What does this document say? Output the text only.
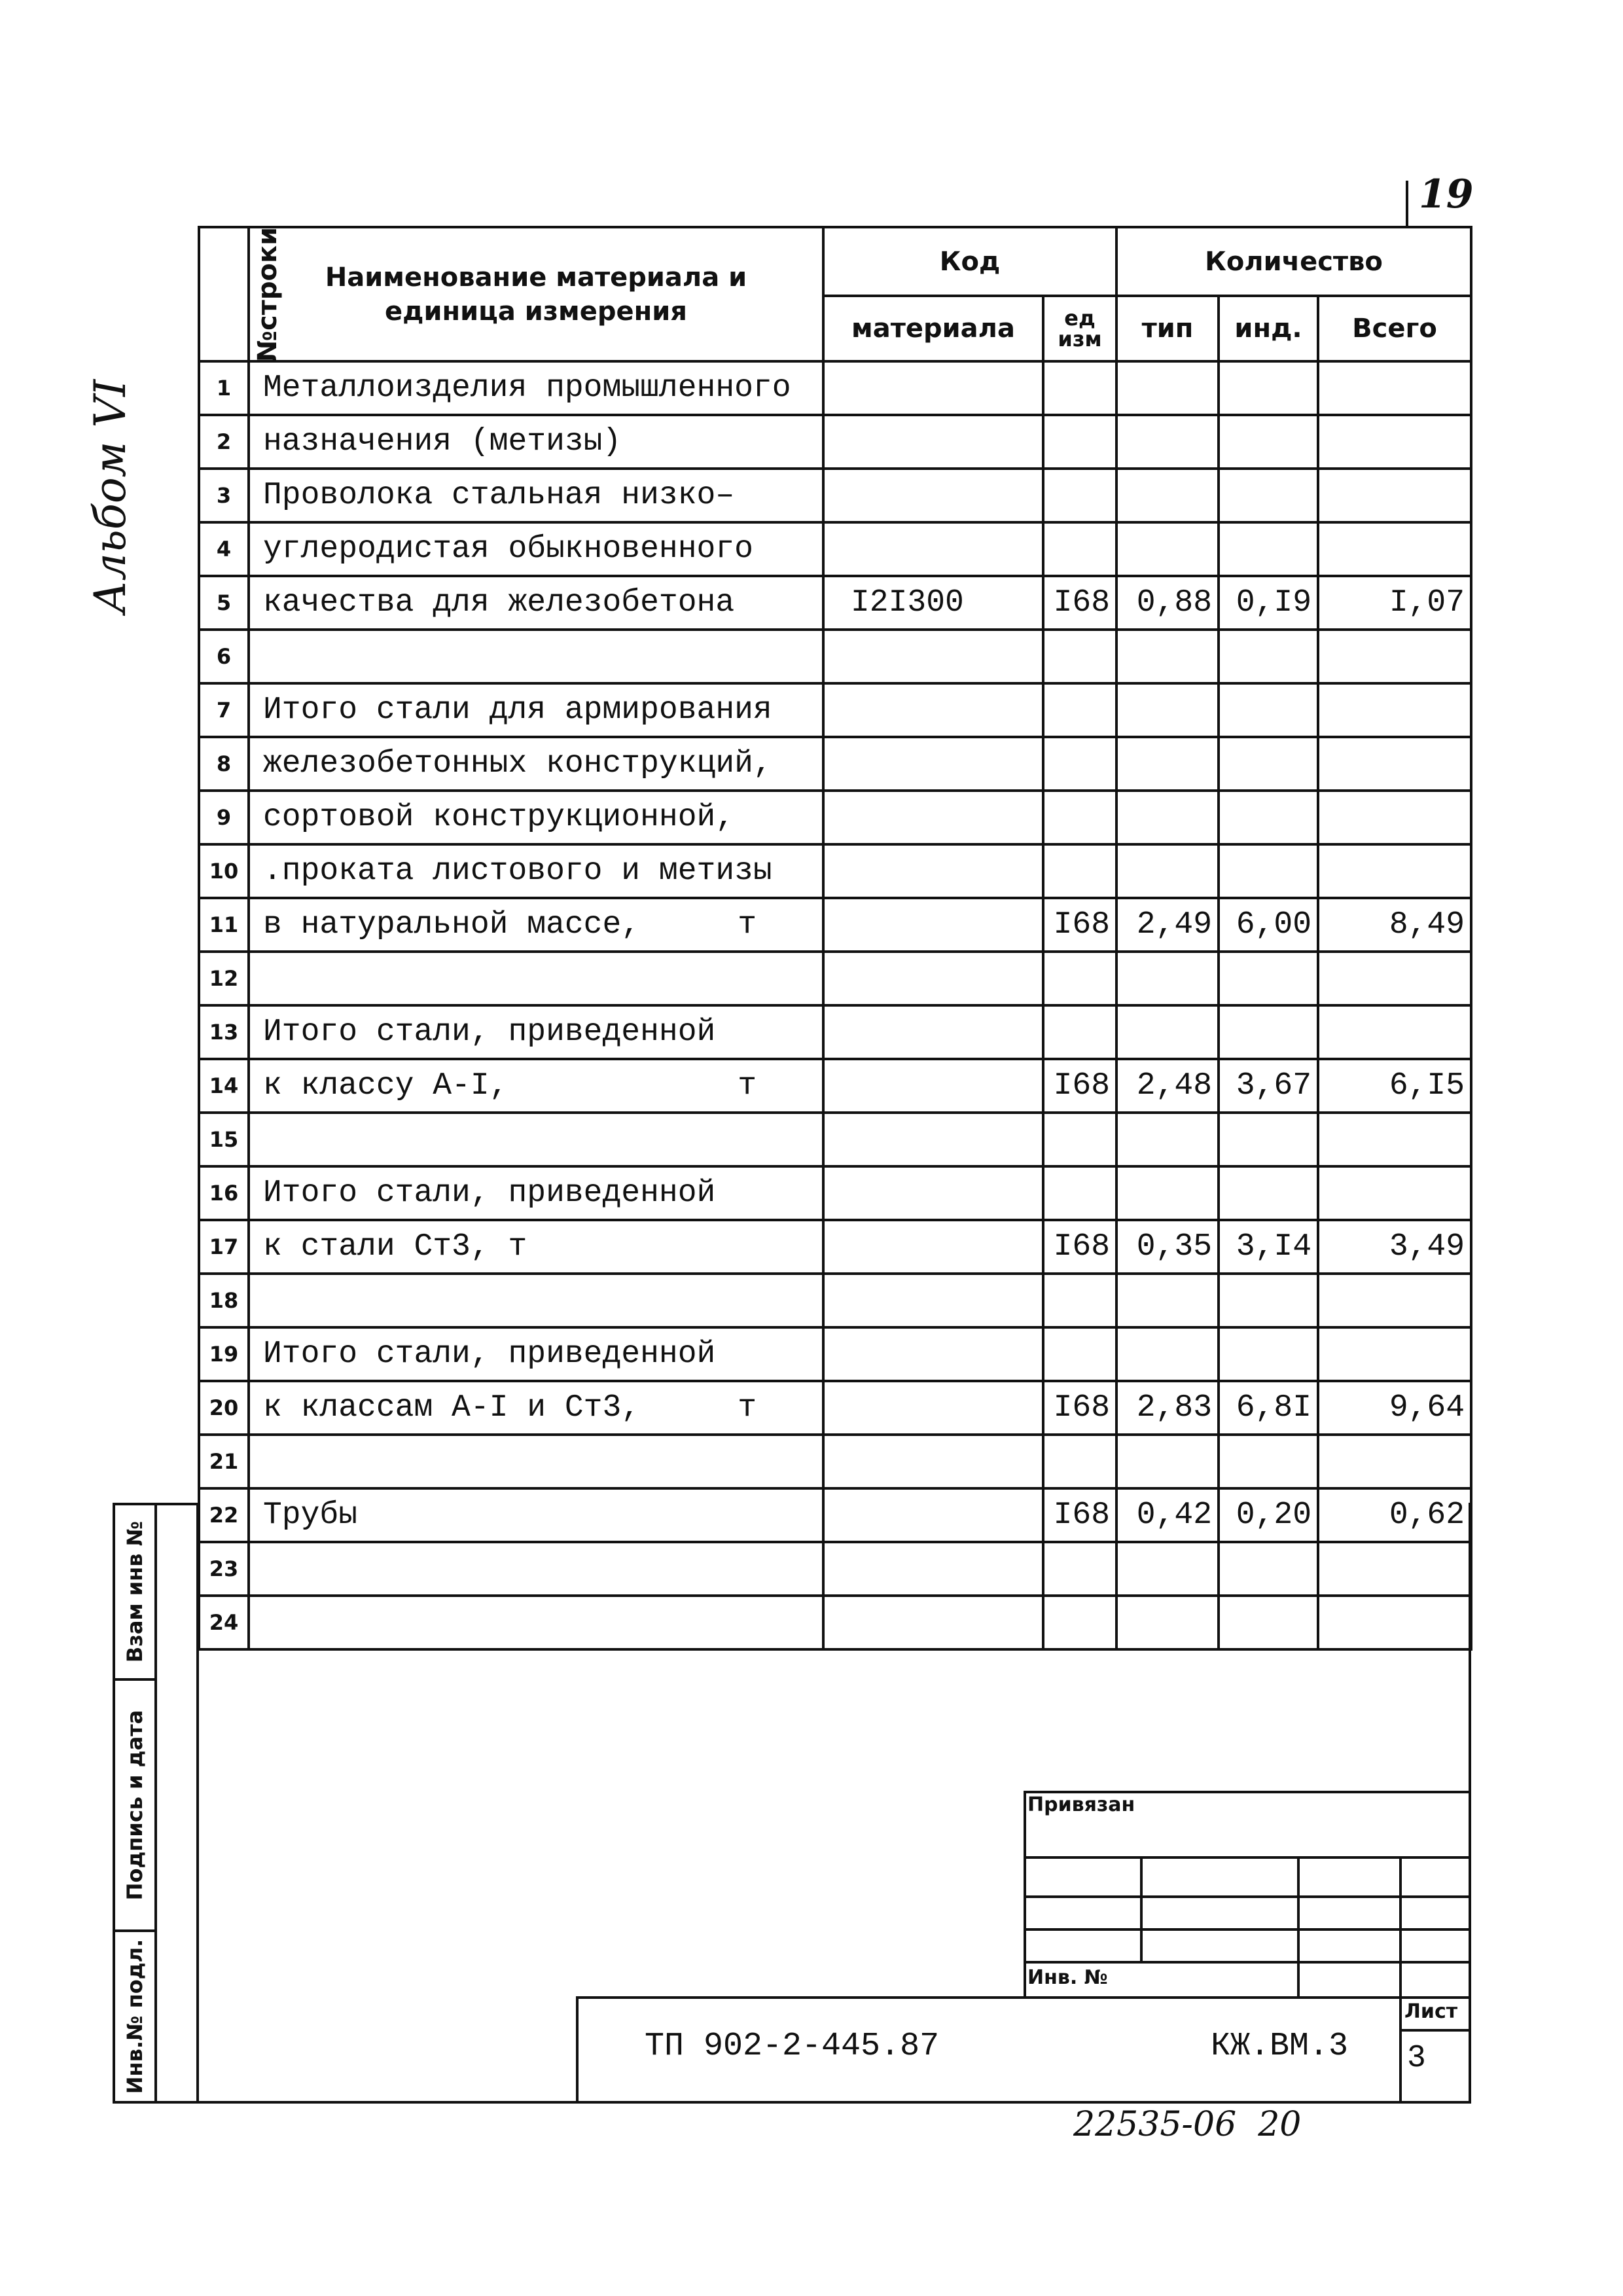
19
Альбом VI
№строки	Наименование материала и единица измерения	Код		Количество		
		материала	ед изм	тип	инд.	Всего
1	Металлоизделия промышленного					

2	назначения (метизы)					

3	Проволока стальная низко–					

4	углеродистая обыкновенного					

5	качества для железобетона	I2I300	I68	0,88	0,I9	I,07
6	

7	Итого стали для армирования					

8	железобетонных конструкций,					

9	сортовой конструкционной,					

10	.проката листового и метизы					

11	в натуральной массе, т		I68	2,49	6,00	8,49
12	

13	Итого стали, приведенной					

14	к классу А-I, т		I68	2,48	3,67	6,I5
15	

16	Итого стали, приведенной					

17	к стали Ст3, т		I68	0,35	3,I4	3,49
18	

19	Итого стали, приведенной					

20	к классам А-I и Ст3, т		I68	2,83	6,8I	9,64
21	

22	Трубы		I68	0,42	0,20	0,62
23	

24	

Взам инв №
Подпись и дата
Инв.№ подл.
Привязан
Инв. №
ТП 902-2-445.87	КЖ.ВМ.3
Лист
3
22535-06  20
